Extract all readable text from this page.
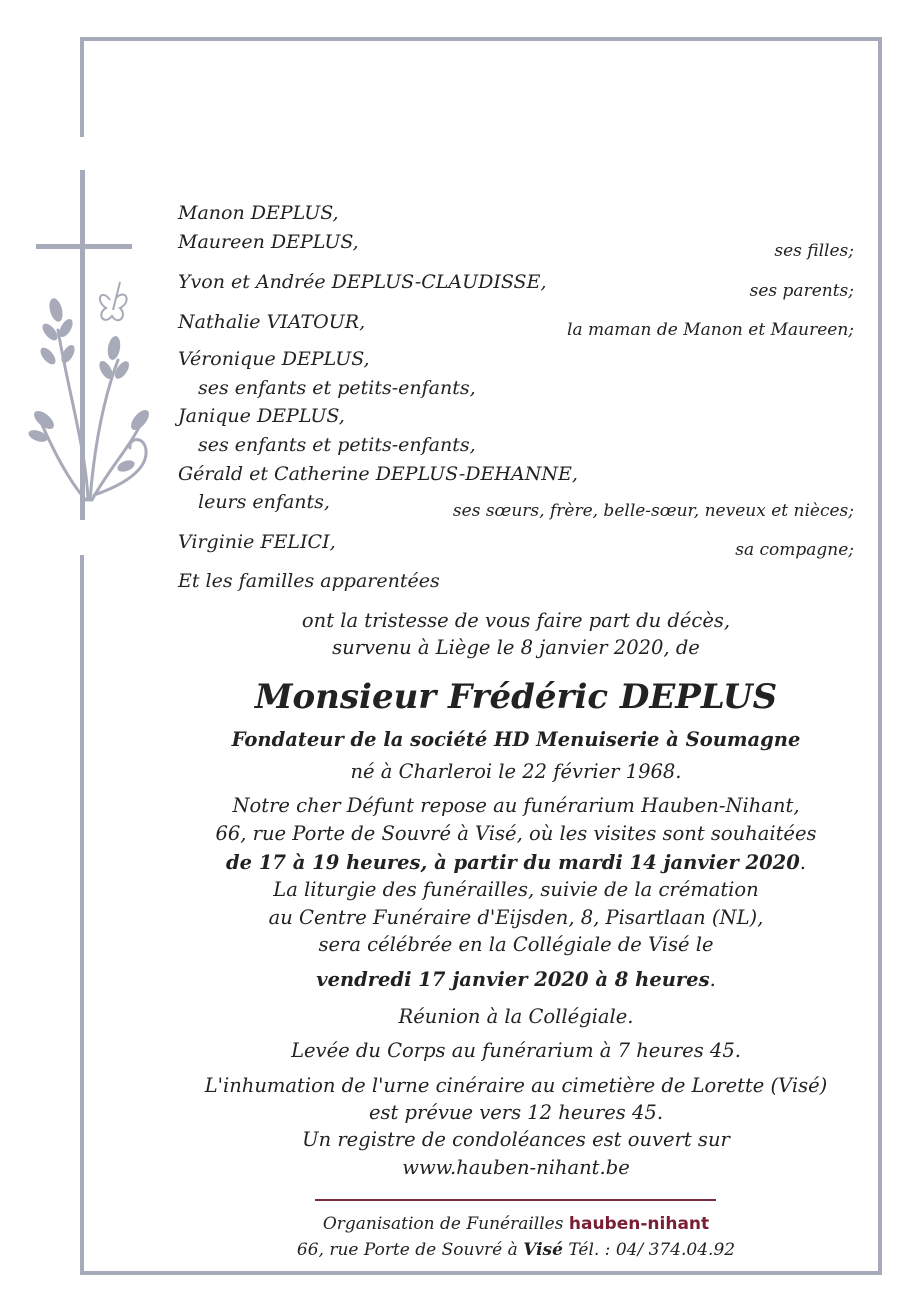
Manon DEPLUS,
Maureen DEPLUS,
Yvon et Andrée DEPLUS-CLAUDISSE,
Nathalie VIATOUR,
Véronique DEPLUS,
ses enfants et petits-enfants,
Janique DEPLUS,
ses enfants et petits-enfants,
Gérald et Catherine DEPLUS-DEHANNE,
leurs enfants,
Virginie FELICI,
Et les familles apparentées
ses filles;
ses parents;
la maman de Manon et Maureen;
ses sœurs, frère, belle-sœur, neveux et nièces;
sa compagne;
ont la tristesse de vous faire part du décès,
survenu à Liège le 8 janvier 2020, de
Monsieur Frédéric DEPLUS
Fondateur de la société HD Menuiserie à Soumagne
né à Charleroi le 22 février 1968.
Notre cher Défunt repose au funérarium Hauben-Nihant,
66, rue Porte de Souvré à Visé, où les visites sont souhaitées
de 17 à 19 heures, à partir du mardi 14 janvier 2020.
La liturgie des funérailles, suivie de la crémation
au Centre Funéraire d'Eijsden, 8, Pisartlaan (NL),
sera célébrée en la Collégiale de Visé le
vendredi 17 janvier 2020 à 8 heures.
Réunion à la Collégiale.
Levée du Corps au funérarium à 7 heures 45.
L'inhumation de l'urne cinéraire au cimetière de Lorette (Visé)
est prévue vers 12 heures 45.
Un registre de condoléances est ouvert sur
www.hauben-nihant.be
Organisation de Funérailles hauben-nihant
66, rue Porte de Souvré à Visé Tél. : 04/ 374.04.92
